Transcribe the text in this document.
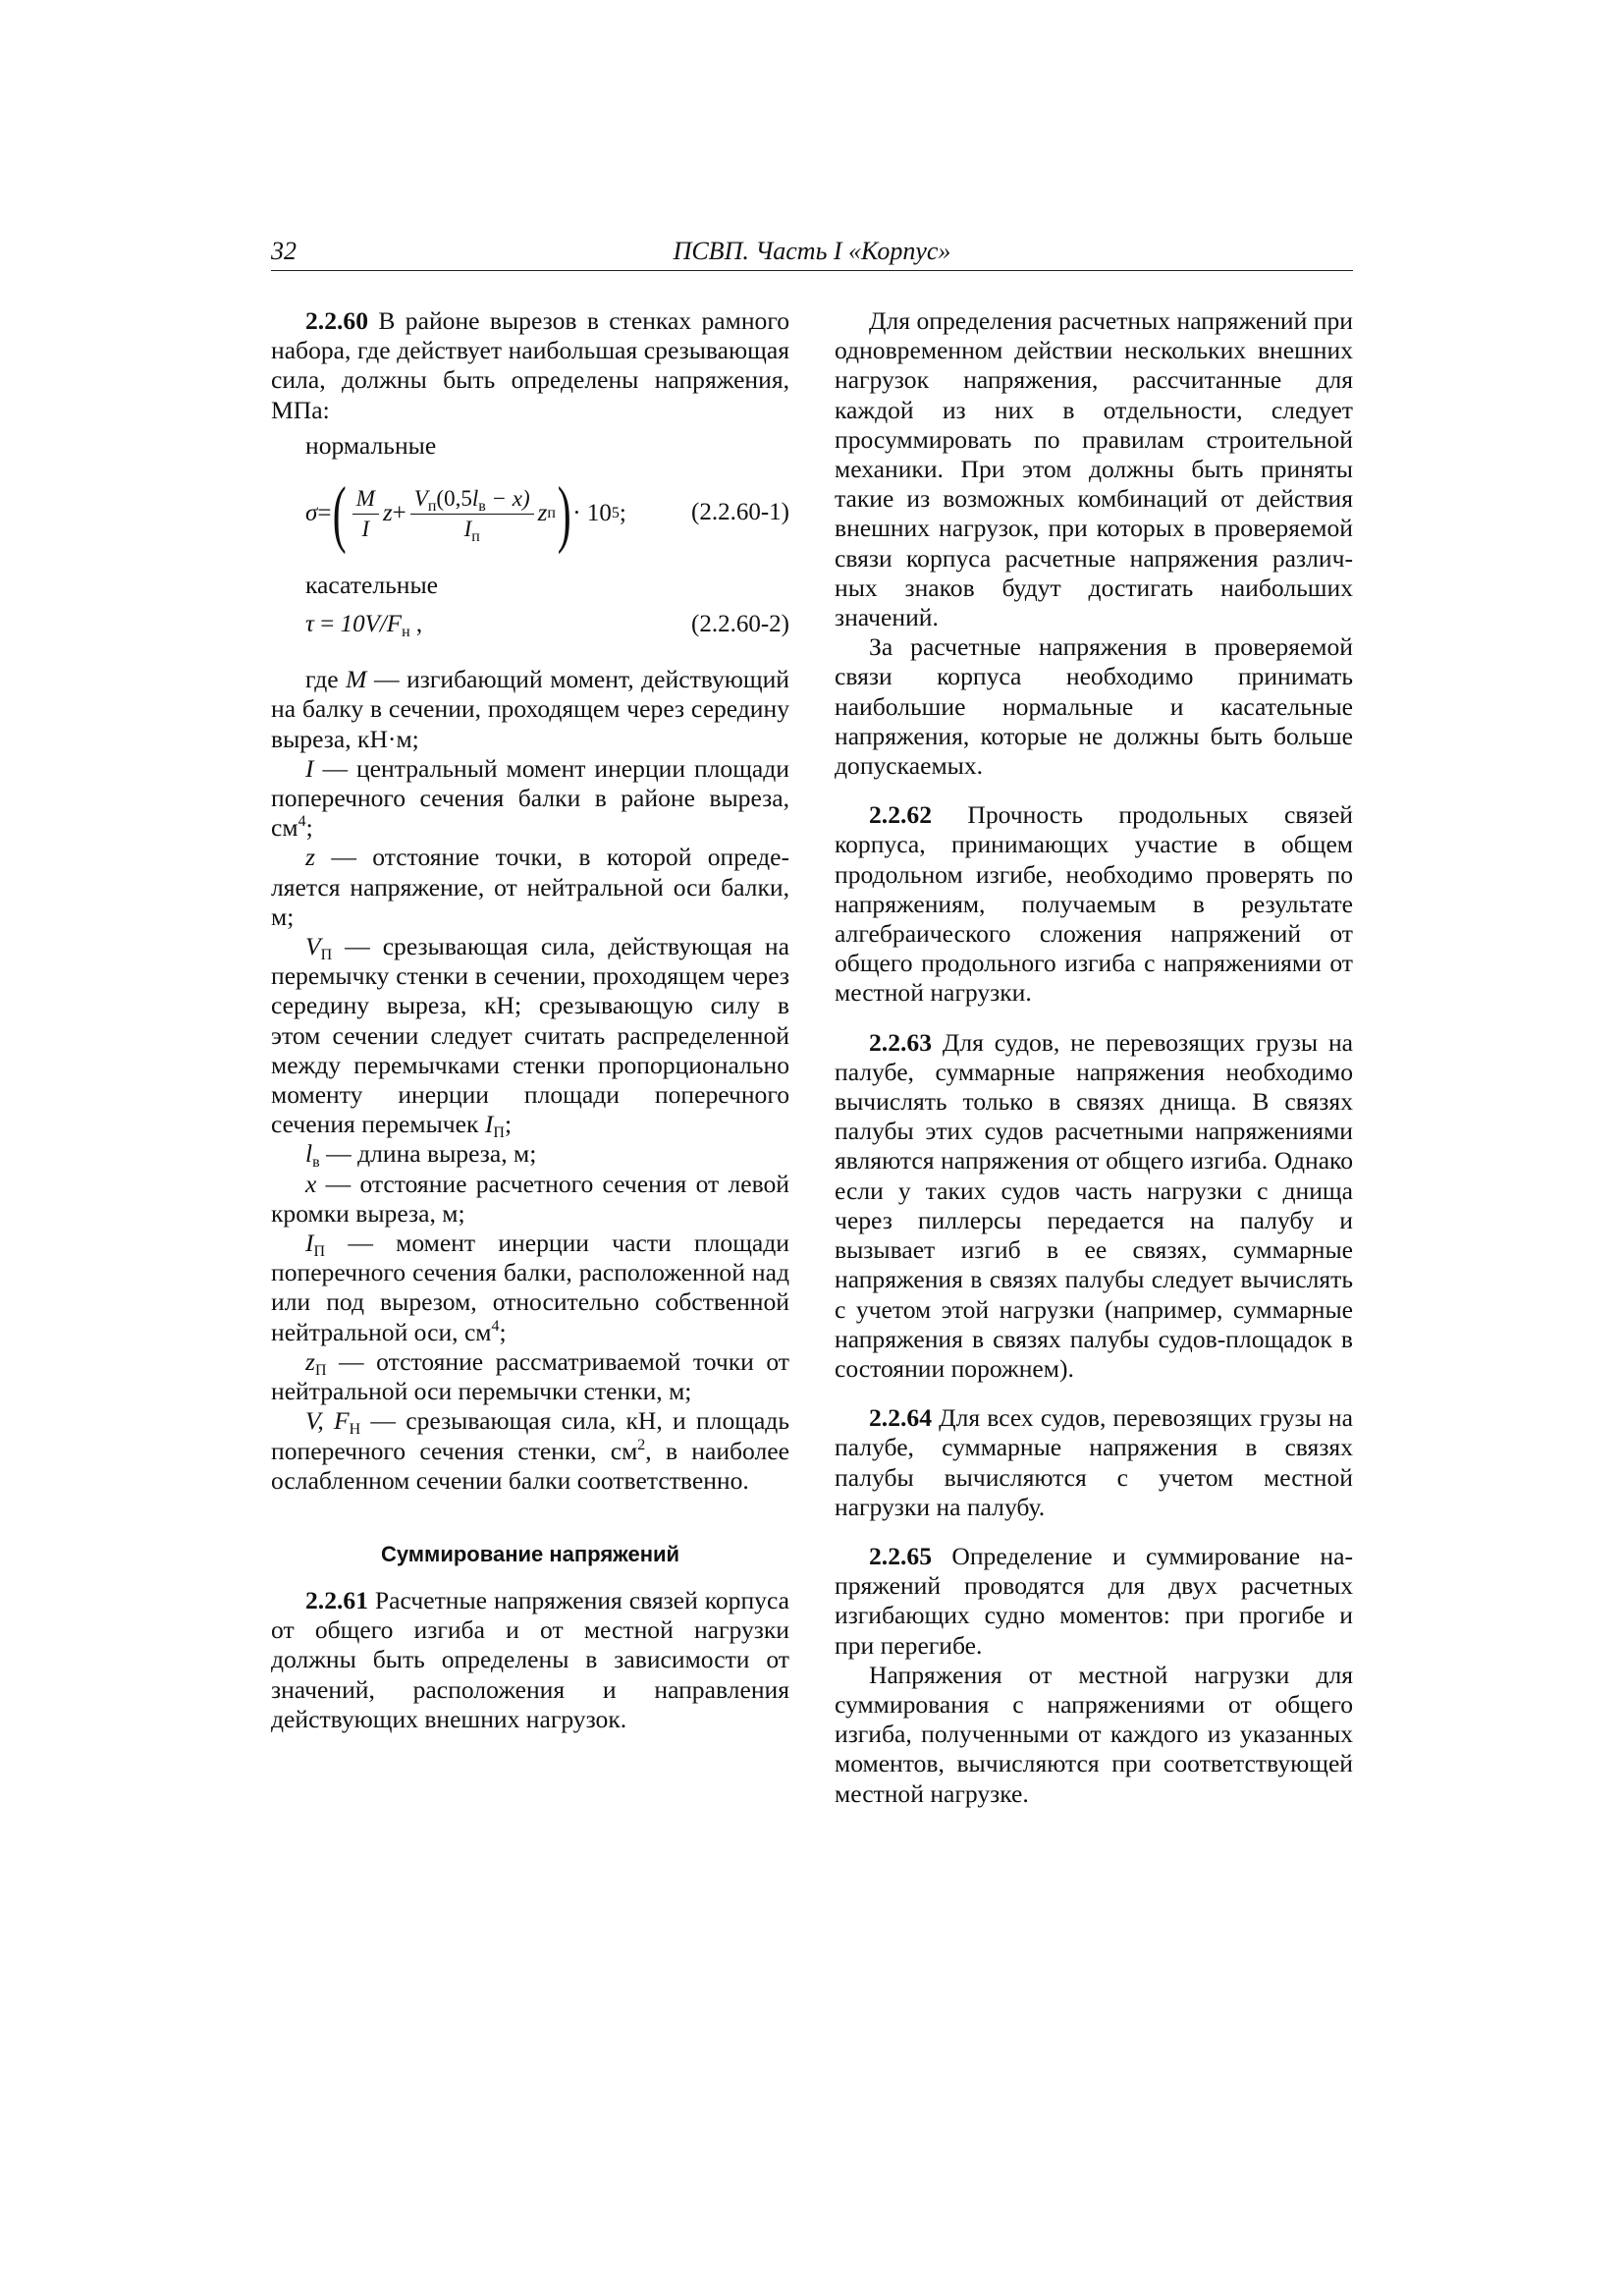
32	ПСВП. Часть I «Корпус»

2.2.60 В районе вырезов в стенках рамного набора, где действует наибольшая срезывающая сила, должны быть определены напряжения, МПа:

нормальные

σ = ( $\frac{M}{I}$ $z + \frac{V_п(0,5l_в - x)}{I_п}$ z п ) · 10 5 ;	(2.2.60-1)

касательные

$\tau = 10V/F_н$ ,	(2.2.60-2)

где M — изгибающий момент, действующий на балку в сечении, проходящем через середину выреза, кН·м;

I — центральный момент инерции площади поперечного сечения балки в районе выреза, $см^4$;

z — отстояние точки, в которой определяется напряжение, от нейтральной оси балки, м;

$V_П$ — срезывающая сила, действующая на перемычку стенки в сечении, проходящем через середину выреза, кН; срезывающую силу в этом сечении следует считать распределенной между перемычками стенки пропорционально моменту инерции площади поперечного сечения перемычек $I_П$;

$l_в$ — длина выреза, м;

x — отстояние расчетного сечения от левой кромки выреза, м;

$I_П$ — момент инерции части площади поперечного сечения балки, расположенной над или под вырезом, относительно собственной нейтральной оси, $см^4$;

$z_П$ — отстояние рассматриваемой точки от нейтральной оси перемычки стенки, м;

V, $F_Н$ — срезывающая сила, кН, и площадь поперечного сечения стенки, $см^2$, в наиболее ослабленном сечении балки соответственно.

Суммирование напряжений

2.2.61 Расчетные напряжения связей корпуса от общего изгиба и от местной нагрузки должны быть определены в зависимости от значений, расположения и направления действующих внешних нагрузок.

Для определения расчетных напряжений при одновременном действии нескольких внешних нагрузок напряжения, рассчитанные для каждой из них в отдельности, следует просуммировать по правилам строительной механики. При этом должны быть приняты такие из возможных комбинаций от действия внешних нагрузок, при которых в проверяемой связи корпуса расчетные напряжения различных знаков будут достигать наибольших значений.

За расчетные напряжения в проверяемой связи корпуса необходимо принимать наибольшие нормальные и касательные напряжения, которые не должны быть больше допускаемых.

2.2.62 Прочность продольных связей корпуса, принимающих участие в общем продольном изгибе, необходимо проверять по напряжениям, получаемым в результате алгебраического сложения напряжений от общего продольного изгиба с напряжениями от местной нагрузки.

2.2.63 Для судов, не перевозящих грузы на палубе, суммарные напряжения необходимо вычислять только в связях днища. В связях палубы этих судов расчетными напряжениями являются напряжения от общего изгиба. Однако если у таких судов часть нагрузки с днища через пиллерсы передается на палубу и вызывает изгиб в ее связях, суммарные напряжения в связях палубы следует вычислять с учетом этой нагрузки (например, суммарные напряжения в связях палубы судов-площадок в состоянии порожнем).

2.2.64 Для всех судов, перевозящих грузы на палубе, суммарные напряжения в связях палубы вычисляются с учетом местной нагрузки на палубу.

2.2.65 Определение и суммирование напряжений проводятся для двух расчетных изгибающих судно моментов: при прогибе и при перегибе.

Напряжения от местной нагрузки для суммирования с напряжениями от общего изгиба, полученными от каждого из указанных моментов, вычисляются при соответствующей местной нагрузке.
